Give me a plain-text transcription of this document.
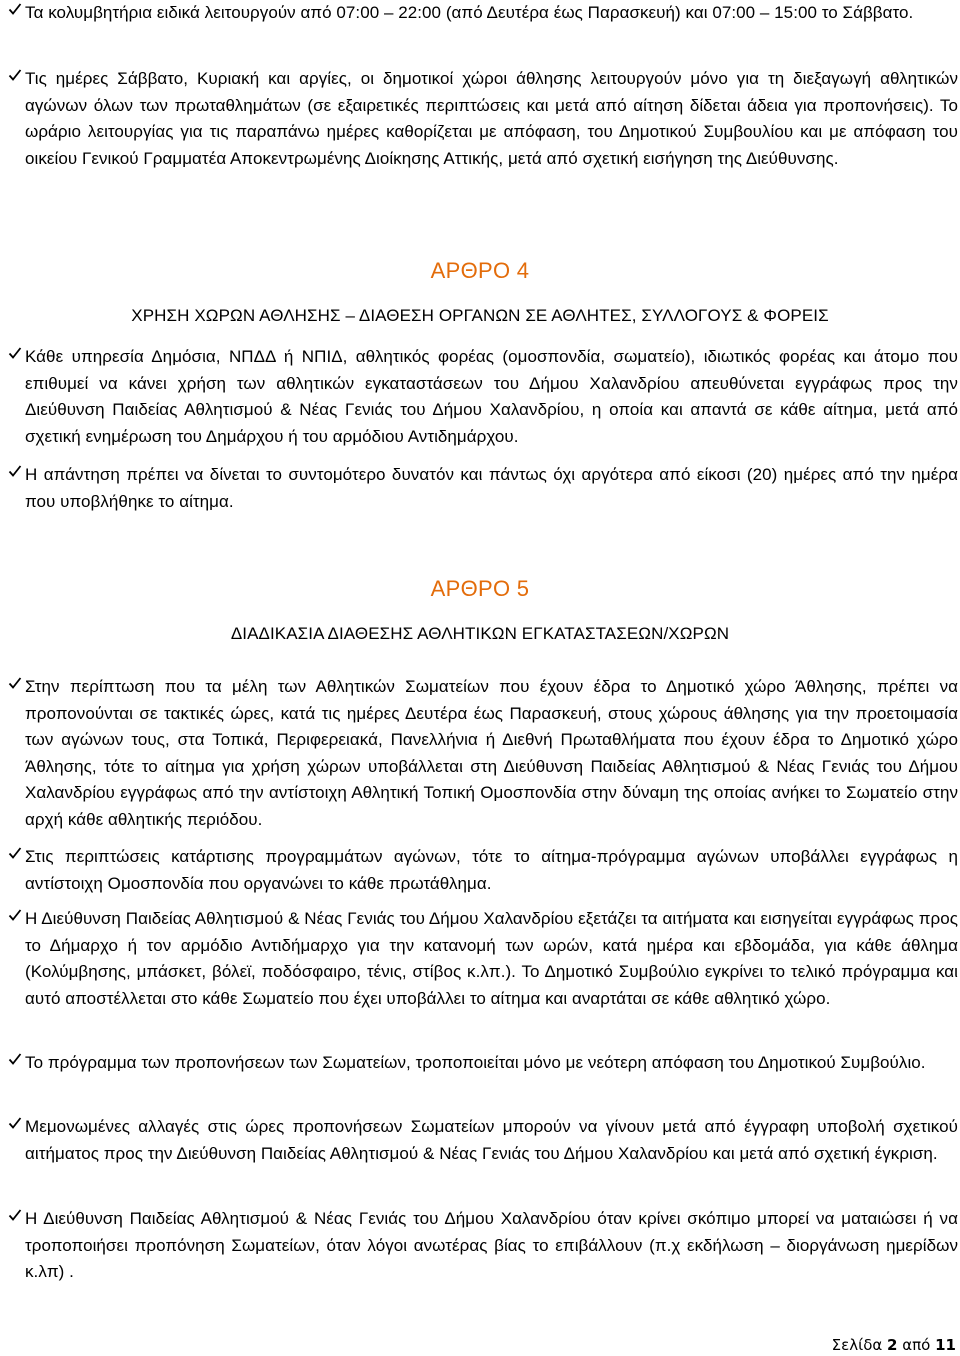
Τα κολυμβητήρια ειδικά λειτουργούν από 07:00 – 22:00 (από Δευτέρα έως Παρασκευή) και 07:00 – 15:00 το Σάββατο.
Τις ημέρες Σάββατο, Κυριακή και αργίες, οι δημοτικοί χώροι άθλησης λειτουργούν μόνο για τη διεξαγωγή αθλητικών αγώνων όλων των πρωταθλημάτων (σε εξαιρετικές περιπτώσεις και μετά από αίτηση δίδεται άδεια για προπονήσεις). Το ωράριο λειτουργίας για τις παραπάνω ημέρες καθορίζεται με απόφαση, του Δημοτικού Συμβουλίου και με απόφαση του οικείου Γενικού Γραμματέα Αποκεντρωμένης Διοίκησης Αττικής, μετά από σχετική εισήγηση της Διεύθυνσης.
ΑΡΘΡΟ 4
ΧΡΗΣΗ ΧΩΡΩΝ ΑΘΛΗΣΗΣ – ΔΙΑΘΕΣΗ ΟΡΓΑΝΩΝ ΣΕ ΑΘΛΗΤΕΣ, ΣΥΛΛΟΓΟΥΣ & ΦΟΡΕΙΣ
Κάθε υπηρεσία Δημόσια, ΝΠΔΔ ή ΝΠΙΔ, αθλητικός φορέας (ομοσπονδία, σωματείο), ιδιωτικός φορέας και άτομο που επιθυμεί να κάνει χρήση των αθλητικών εγκαταστάσεων του Δήμου Χαλανδρίου απευθύνεται εγγράφως προς την Διεύθυνση Παιδείας Αθλητισμού & Νέας Γενιάς του Δήμου Χαλανδρίου, η οποία και απαντά σε κάθε αίτημα, μετά από σχετική ενημέρωση του Δημάρχου ή του αρμόδιου Αντιδημάρχου.
Η απάντηση πρέπει να δίνεται το συντομότερο δυνατόν και πάντως όχι αργότερα από είκοσι (20) ημέρες από την ημέρα που υποβλήθηκε το αίτημα.
ΑΡΘΡΟ 5
ΔΙΑΔΙΚΑΣΙΑ ΔΙΑΘΕΣΗΣ ΑΘΛΗΤΙΚΩΝ ΕΓΚΑΤΑΣΤΑΣΕΩΝ/ΧΩΡΩΝ
Στην περίπτωση που τα μέλη των Αθλητικών Σωματείων που έχουν έδρα το Δημοτικό χώρο Άθλησης, πρέπει να προπονούνται σε τακτικές ώρες, κατά τις ημέρες Δευτέρα έως Παρασκευή, στους χώρους άθλησης για την προετοιμασία των αγώνων τους, στα Τοπικά, Περιφερειακά, Πανελλήνια ή Διεθνή Πρωταθλήματα που έχουν έδρα το Δημοτικό χώρο Άθλησης, τότε το αίτημα για χρήση χώρων υποβάλλεται στη Διεύθυνση Παιδείας Αθλητισμού & Νέας Γενιάς του Δήμου Χαλανδρίου εγγράφως από την αντίστοιχη Αθλητική Τοπική Ομοσπονδία στην δύναμη της οποίας ανήκει το Σωματείο στην αρχή κάθε αθλητικής περιόδου.
Στις περιπτώσεις κατάρτισης προγραμμάτων αγώνων, τότε το αίτημα-πρόγραμμα αγώνων υποβάλλει εγγράφως η αντίστοιχη Ομοσπονδία που οργανώνει το κάθε πρωτάθλημα.
Η Διεύθυνση Παιδείας Αθλητισμού & Νέας Γενιάς του Δήμου Χαλανδρίου εξετάζει τα αιτήματα και εισηγείται εγγράφως προς το Δήμαρχο ή τον αρμόδιο Αντιδήμαρχο για την κατανομή των ωρών, κατά ημέρα και εβδομάδα, για κάθε άθλημα (Κολύμβησης, μπάσκετ, βόλεϊ, ποδόσφαιρο, τένις, στίβος κ.λπ.). Το Δημοτικό Συμβούλιο εγκρίνει το τελικό πρόγραμμα και αυτό αποστέλλεται στο κάθε Σωματείο που έχει υποβάλλει το αίτημα και αναρτάται σε κάθε αθλητικό χώρο.
Το πρόγραμμα των προπονήσεων των Σωματείων, τροποποιείται μόνο με νεότερη απόφαση του Δημοτικού Συμβούλιο.
Μεμονωμένες αλλαγές στις ώρες προπονήσεων Σωματείων μπορούν να γίνουν μετά από έγγραφη υποβολή σχετικού αιτήματος προς την Διεύθυνση Παιδείας Αθλητισμού & Νέας Γενιάς του Δήμου Χαλανδρίου και μετά από σχετική έγκριση.
Η Διεύθυνση Παιδείας Αθλητισμού & Νέας Γενιάς του Δήμου Χαλανδρίου όταν κρίνει σκόπιμο μπορεί να ματαιώσει ή να τροποποιήσει προπόνηση Σωματείων, όταν λόγοι ανωτέρας βίας το επιβάλλουν (π.χ εκδήλωση – διοργάνωση ημερίδων κ.λπ) .
Σελίδα 2 από 11
